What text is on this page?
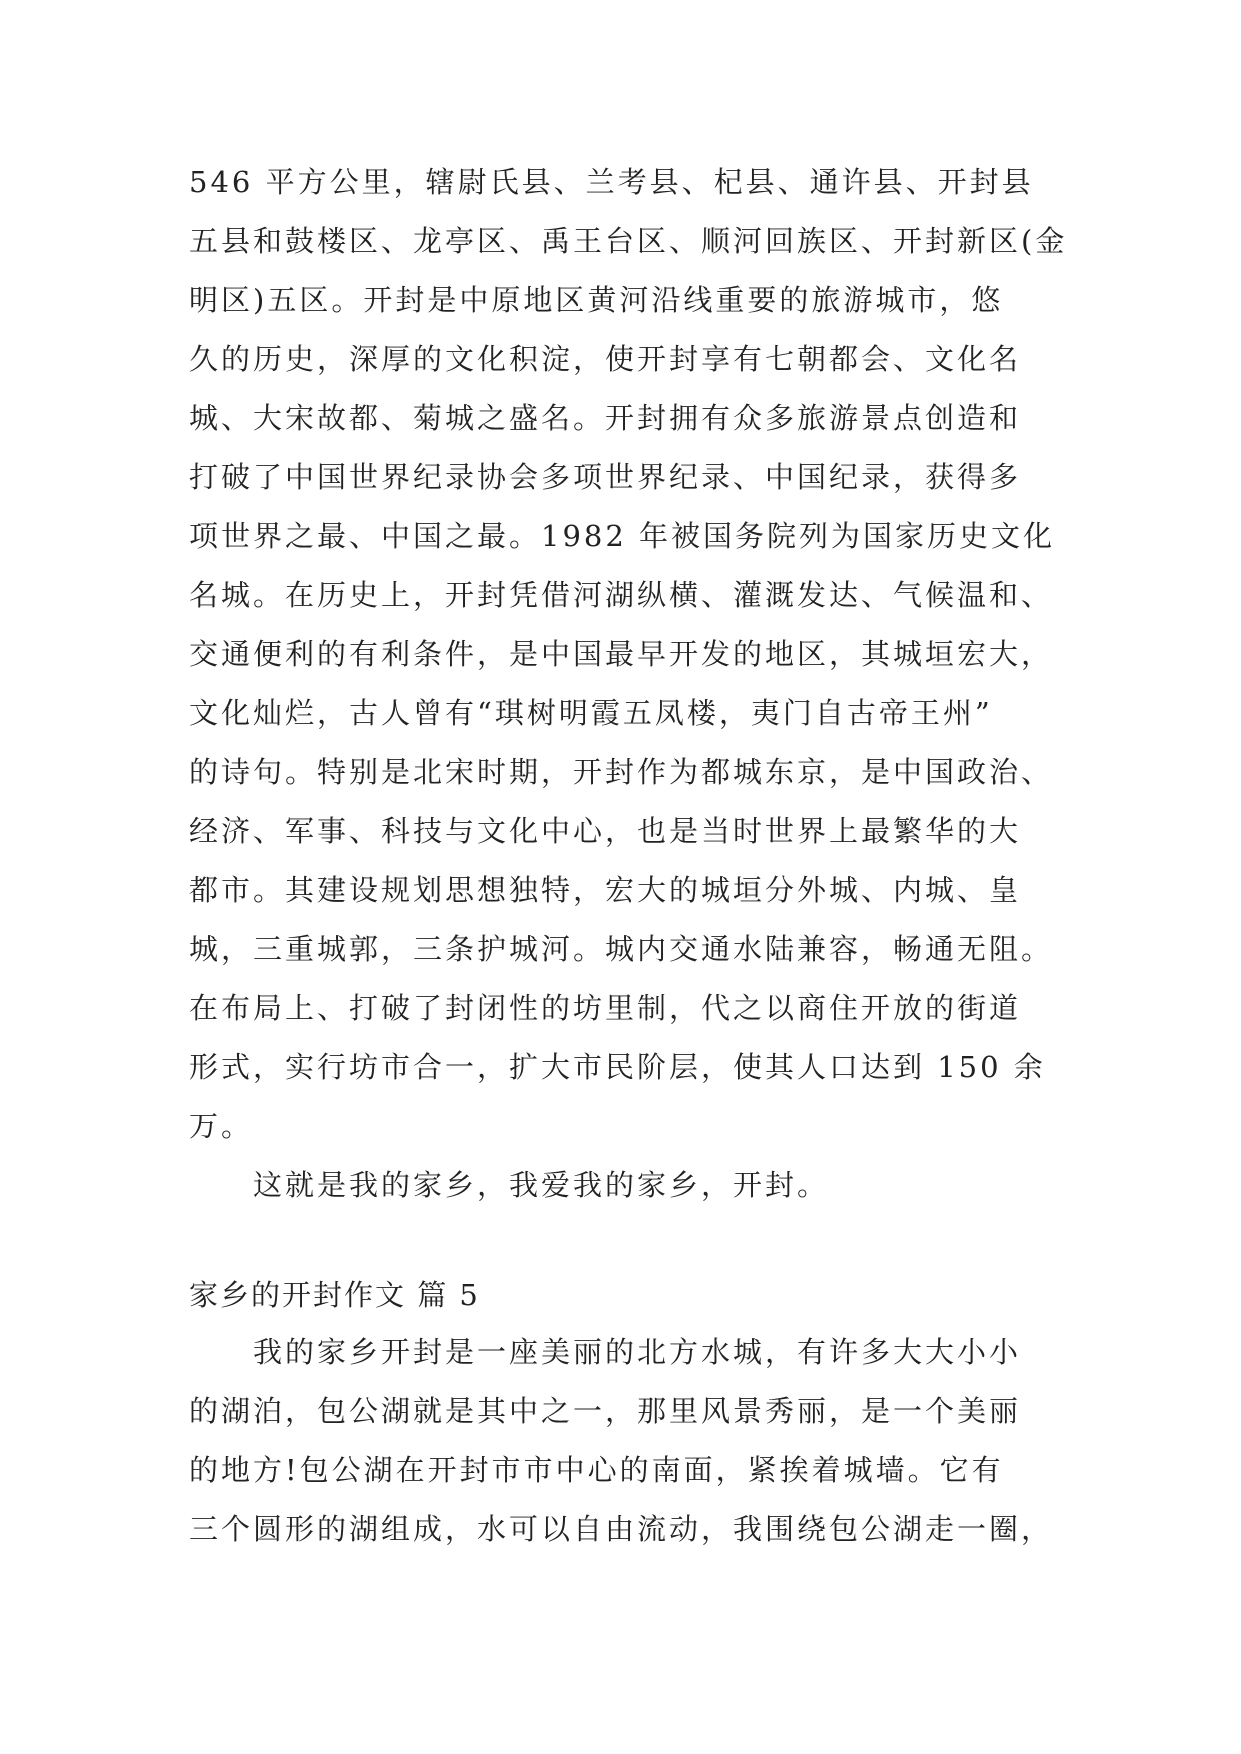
546 平方公里，辖尉氏县、兰考县、杞县、通许县、开封县
五县和鼓楼区、龙亭区、禹王台区、顺河回族区、开封新区(金
明区)五区。开封是中原地区黄河沿线重要的旅游城市，悠
久的历史，深厚的文化积淀，使开封享有七朝都会、文化名
城、大宋故都、菊城之盛名。开封拥有众多旅游景点创造和
打破了中国世界纪录协会多项世界纪录、中国纪录，获得多
项世界之最、中国之最。1982 年被国务院列为国家历史文化
名城。在历史上，开封凭借河湖纵横、灌溉发达、气候温和、
交通便利的有利条件，是中国最早开发的地区，其城垣宏大，
文化灿烂，古人曾有“琪树明霞五凤楼，夷门自古帝王州”
的诗句。特别是北宋时期，开封作为都城东京，是中国政治、
经济、军事、科技与文化中心，也是当时世界上最繁华的大
都市。其建设规划思想独特，宏大的城垣分外城、内城、皇
城，三重城郭，三条护城河。城内交通水陆兼容，畅通无阻。
在布局上、打破了封闭性的坊里制，代之以商住开放的街道
形式，实行坊市合一，扩大市民阶层，使其人口达到 150 余
万。
这就是我的家乡，我爱我的家乡，开封。
家乡的开封作文 篇 5
我的家乡开封是一座美丽的北方水城，有许多大大小小
的湖泊，包公湖就是其中之一，那里风景秀丽，是一个美丽
的地方!包公湖在开封市市中心的南面，紧挨着城墙。它有
三个圆形的湖组成，水可以自由流动，我围绕包公湖走一圈，
